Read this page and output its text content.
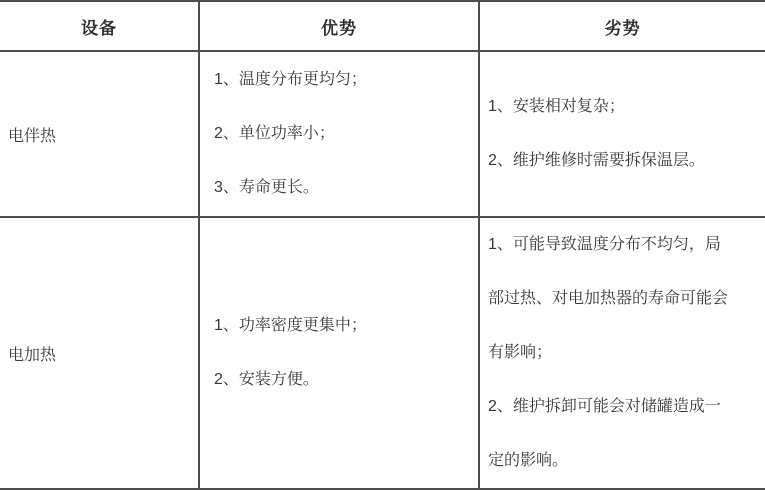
设备	优势	劣势

电伴热

1、温度分布更均匀；

2、单位功率小；

3、寿命更长。

1、安装相对复杂；

2、维护维修时需要拆保温层。

电加热

1、功率密度更集中；

2、安装方便。

1、可能导致温度分布不均匀，局部过热、对电加热器的寿命可能会有影响；

2、维护拆卸可能会对储罐造成一定的影响。
